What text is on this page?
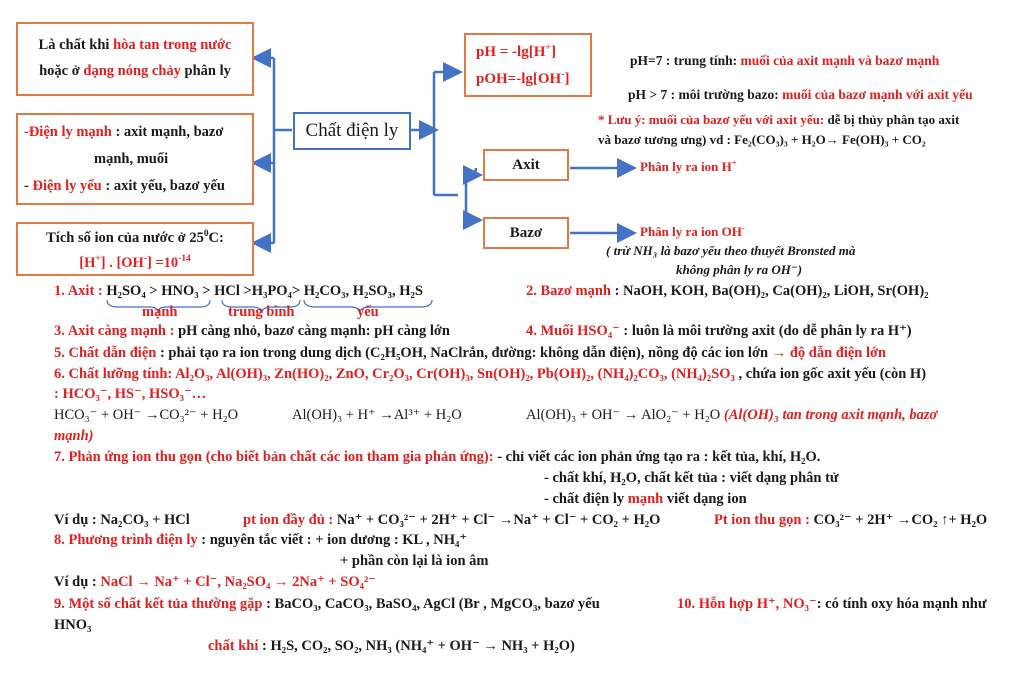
Chất điện ly
Là chất khi hòa tan trong nước
hoặc ở dạng nóng chảy phân ly
-Điện ly mạnh : axit mạnh, bazơ
mạnh, muối
- Điện ly yếu : axit yếu, bazơ yếu
Tích số ion của nước ở $25^0C$:
[H+] . $[OH^-] =10^{-14}$
pH = -lg[H+]
pOH=-lg[OH-]
pH=7 : trung tính: muối của axit mạnh và bazơ mạnh
pH > 7 : môi trường bazo: muối của bazơ mạnh với axit yếu
* Lưu ý: muối của bazơ yếu với axit yếu: dễ bị thủy phân tạo axit
và bazơ tương ưng) vd : Fe₂(CO₃)₃ + H₂O→ Fe(OH)₃ + CO₂
Axit	Phân ly ra ion H+
Bazơ	Phân ly ra ion OH-
( trừ NH₃ là bazơ yếu theo thuyết Bronsted mà
không phân ly ra OH⁻)
1. Axit : H₂SO₄ > HNO₃ > HCl >H₃PO₄> H₂CO₃, H₂SO₃, H₂S
mạnh	trung bình	yếu
2. Bazơ mạnh : NaOH, KOH, Ba(OH)₂, Ca(OH)₂, LiOH, Sr(OH)₂
3. Axit càng mạnh : pH càng nhỏ, bazơ càng mạnh: pH càng lớn	4. Muối HSO₄⁻ : luôn là môi trường axit (do dễ phân ly ra H⁺)
5. Chất dẫn điện : phải tạo ra ion trong dung dịch (C₂H₅OH, NaClrắn, đường: không dẫn điện), nồng độ các ion lớn → độ dẫn điện lớn
6. Chất lưỡng tính: Al₂O₃, Al(OH)₃, Zn(HO)₂, ZnO, Cr₂O₃, Cr(OH)₃, Sn(OH)₂, Pb(OH)₂, (NH₄)₂CO₃, (NH₄)₂SO₃ , chứa ion gốc axit yếu (còn H)
: HCO₃⁻, HS⁻, HSO₃⁻…
HCO₃⁻ + OH⁻ →CO₃²⁻ + H₂O	Al(OH)₃ + H⁺ →Al³⁺ + H₂O	Al(OH)₃ + OH⁻ → AlO₂⁻ + H₂O (Al(OH)₃ tan trong axit mạnh, bazơ
mạnh)
7. Phản ứng ion thu gọn (cho biết bản chất các ion tham gia phản ứng): - chỉ viết các ion phản ứng tạo ra : kết tủa, khí, H₂O.
- chất khí, H₂O, chất kết tủa : viết dạng phân tử
- chất điện ly mạnh viết dạng ion
Ví dụ : Na₂CO₃ + HCl	pt ion đầy đủ : Na⁺ + CO₃²⁻ + 2H⁺ + Cl⁻ →Na⁺ + Cl⁻ + CO₂ + H₂O	Pt ion thu gọn : CO₃²⁻ + 2H⁺ →CO₂ ↑+ H₂O
8. Phương trình điện ly : nguyên tắc viết : + ion dương : KL , NH₄⁺
+ phần còn lại là ion âm
Ví dụ : NaCl → Na⁺ + Cl⁻, Na₂SO₄ → 2Na⁺ + SO₄²⁻
9. Một số chất kết tủa thường gặp : BaCO₃, CaCO₃, BaSO₄, AgCl (Br , MgCO₃, bazơ yếu	10. Hỗn hợp H⁺, NO₃⁻: có tính oxy hóa mạnh như
HNO₃
chất khí : H₂S, CO₂, SO₂, NH₃ (NH₄⁺ + OH⁻ → NH₃ + H₂O)
